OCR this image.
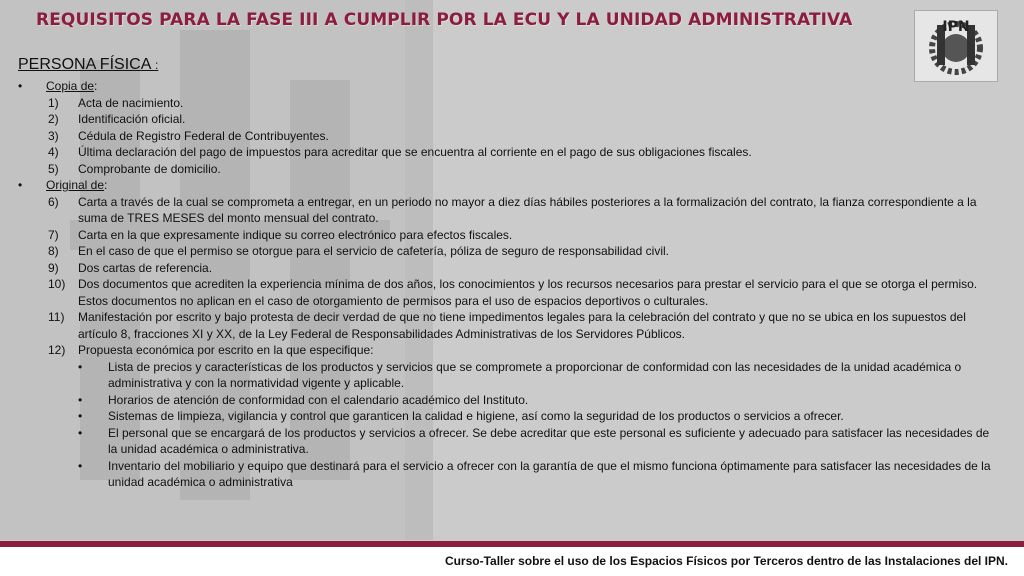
REQUISITOS PARA LA FASE III A CUMPLIR POR LA ECU Y LA UNIDAD ADMINISTRATIVA	IPN
PERSONA FÍSICA :

• Copia de:

1) Acta de nacimiento.

2) Identificación oficial.

3) Cédula de Registro Federal de Contribuyentes.

4) Última declaración del pago de impuestos para acreditar que se encuentra al corriente en el pago de sus obligaciones fiscales.

5) Comprobante de domicilio.

• Original de:

6) Carta a través de la cual se comprometa a entregar, en un periodo no mayor a diez días hábiles posteriores a la formalización del contrato, la fianza correspondiente a la suma de TRES MESES del monto mensual del contrato.

7) Carta en la que expresamente indique su correo electrónico para efectos fiscales.

8) En el caso de que el permiso se otorgue para el servicio de cafetería, póliza de seguro de responsabilidad civil.

9) Dos cartas de referencia.

10) Dos documentos que acrediten la experiencia mínima de dos años, los conocimientos y los recursos necesarios para prestar el servicio para el que se otorga el permiso. Estos documentos no aplican en el caso de otorgamiento de permisos para el uso de espacios deportivos o culturales.

11) Manifestación por escrito y bajo protesta de decir verdad de que no tiene impedimentos legales para la celebración del contrato y que no se ubica en los supuestos del artículo 8, fracciones XI y XX, de la Ley Federal de Responsabilidades Administrativas de los Servidores Públicos.

12) Propuesta económica por escrito en la que especifique:

• Lista de precios y características de los productos y servicios que se compromete a proporcionar de conformidad con las necesidades de la unidad académica o administrativa y con la normatividad vigente y aplicable.

• Horarios de atención de conformidad con el calendario académico del Instituto.

• Sistemas de limpieza, vigilancia y control que garanticen la calidad e higiene, así como la seguridad de los productos o servicios a ofrecer.

• El personal que se encargará de los productos y servicios a ofrecer. Se debe acreditar que este personal es suficiente y adecuado para satisfacer las necesidades de la unidad académica o administrativa.

• Inventario del mobiliario y equipo que destinará para el servicio a ofrecer con la garantía de que el mismo funciona óptimamente para satisfacer las necesidades de la unidad académica o administrativa

Curso-Taller sobre el uso de los Espacios Físicos por Terceros dentro de las Instalaciones del IPN.
